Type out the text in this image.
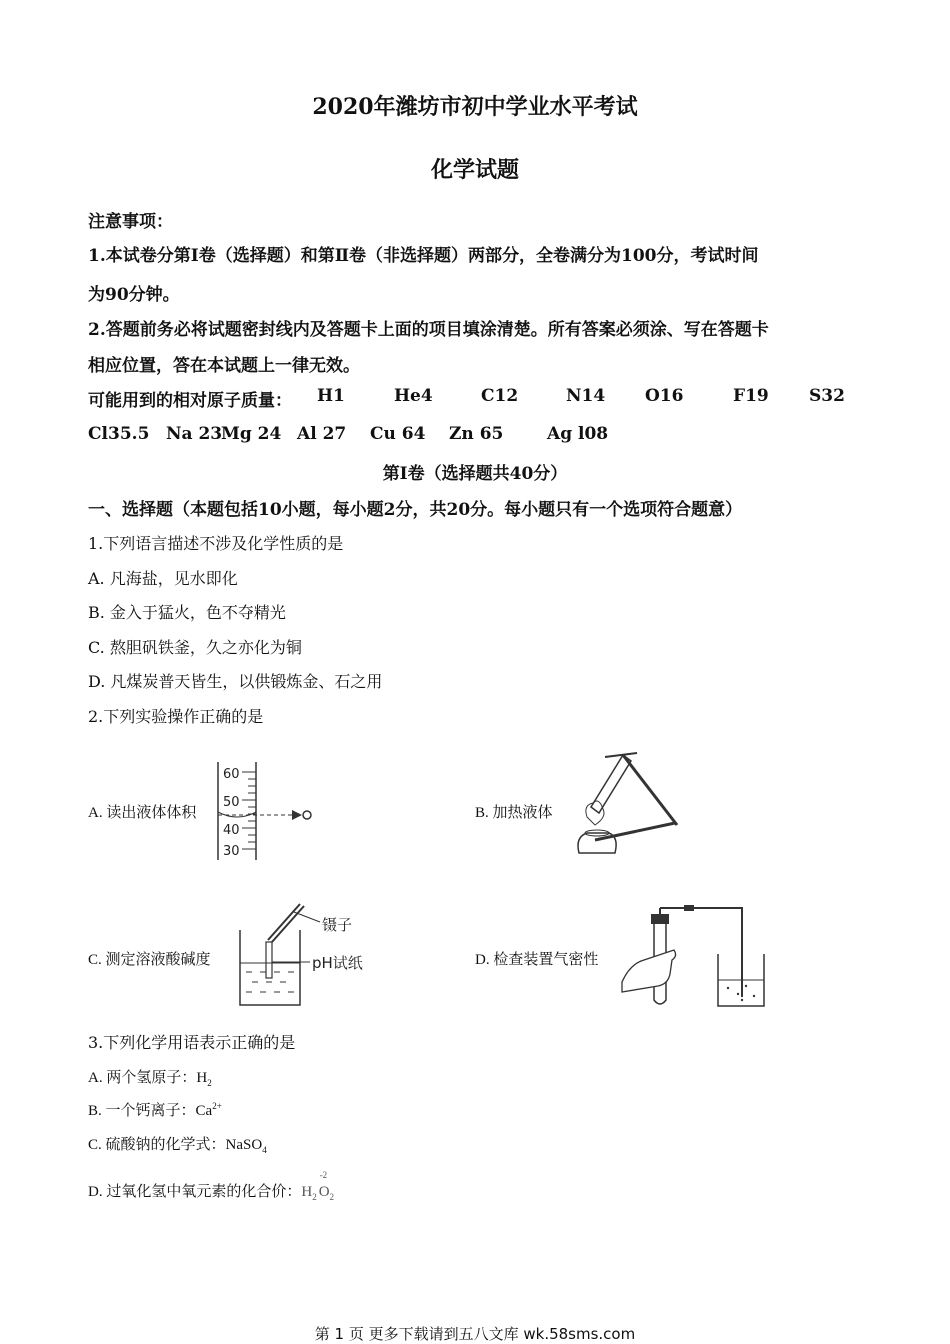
2020年潍坊市初中学业水平考试
化学试题
注意事项：
1.本试卷分第Ⅰ卷（选择题）和第Ⅱ卷（非选择题）两部分，全卷满分为100分，考试时间
为90分钟。
2.答题前务必将试题密封线内及答题卡上面的项目填涂清楚。所有答案必须涂、写在答题卡
相应位置，答在本试题上一律无效。
可能用到的相对原子质量： H1	He4	C12	N14 O16	F19 S32
Cl35.5 Na 23
Mg 24 Al 27 Cu 64 Zn 65	Ag l08
第Ⅰ卷（选择题共40分）
一、选择题（本题包括10小题，每小题2分，共20分。每小题只有一个选项符合题意）
1.下列语言描述不涉及化学性质的是
A. 凡海盐，见水即化
B. 金入于猛火，色不夺精光
C. 熬胆矾铁釜，久之亦化为铜
D. 凡煤炭普天皆生，以供锻炼金、石之用
2.下列实验操作正确的是
A. 读出液体体积
60
50
40
30
B. 加热液体
C. 测定溶液酸碱度
镊子
pH试纸	D. 检查装置气密性
3.下列化学用语表示正确的是
A. 两个氢原子：$H_2$
B. 一个钙离子：$Ca^{2+}$
C. 硫酸钠的化学式：NaSO$_4$
D. 过氧化氢中氧元素的化合价：$H_2$
-2
$O_2$
第 1 页 更多下载请到五八文库 wk.58sms.com
